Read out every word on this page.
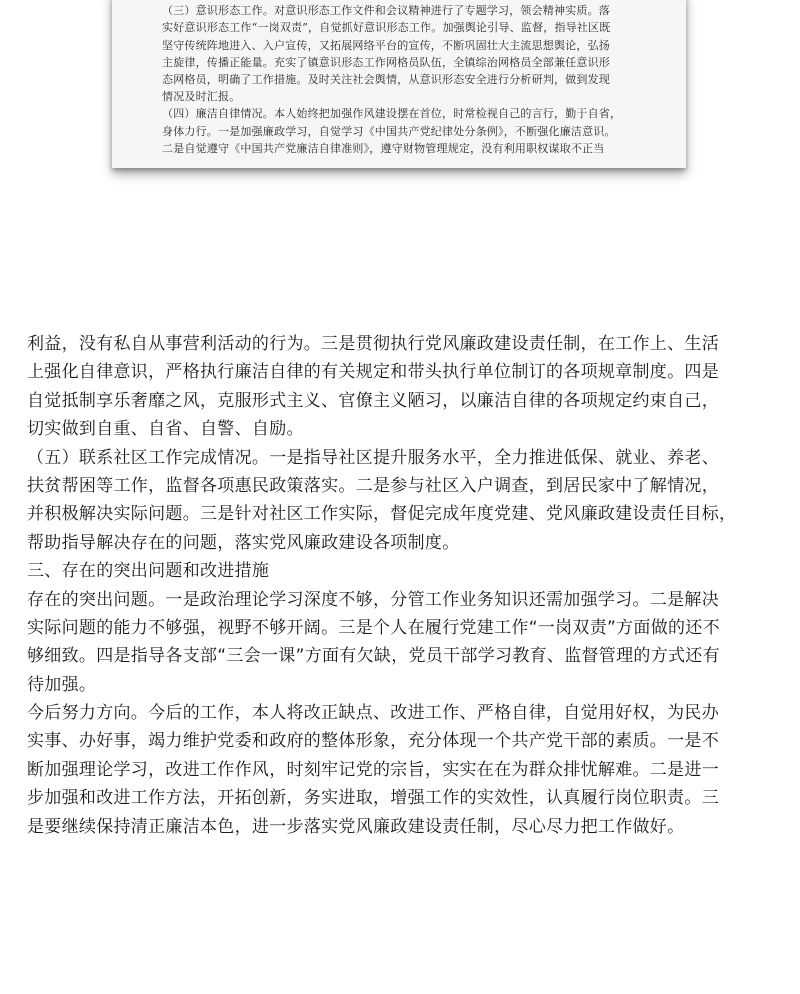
（三）意识形态工作。对意识形态工作文件和会议精神进行了专题学习，领会精神实质。落
实好意识形态工作“一岗双责”，自觉抓好意识形态工作。加强舆论引导、监督，指导社区既
坚守传统阵地进入、入户宣传，又拓展网络平台的宣传，不断巩固壮大主流思想舆论，弘扬
主旋律，传播正能量。充实了镇意识形态工作网格员队伍，全镇综治网格员全部兼任意识形
态网格员，明确了工作措施。及时关注社会舆情，从意识形态安全进行分析研判，做到发现
情况及时汇报。
（四）廉洁自律情况。本人始终把加强作风建设摆在首位，时常检视自己的言行，勤于自省，
身体力行。一是加强廉政学习，自觉学习《中国共产党纪律处分条例》，不断强化廉洁意识。
二是自觉遵守《中国共产党廉洁自律准则》，遵守财物管理规定，没有利用职权谋取不正当
利益，没有私自从事营利活动的行为。三是贯彻执行党风廉政建设责任制，在工作上、生活
上强化自律意识，严格执行廉洁自律的有关规定和带头执行单位制订的各项规章制度。四是
自觉抵制享乐奢靡之风，克服形式主义、官僚主义陋习，以廉洁自律的各项规定约束自己，
切实做到自重、自省、自警、自励。
（五）联系社区工作完成情况。一是指导社区提升服务水平，全力推进低保、就业、养老、
扶贫帮困等工作，监督各项惠民政策落实。二是参与社区入户调查，到居民家中了解情况，
并积极解决实际问题。三是针对社区工作实际，督促完成年度党建、党风廉政建设责任目标，
帮助指导解决存在的问题，落实党风廉政建设各项制度。
三、存在的突出问题和改进措施
存在的突出问题。一是政治理论学习深度不够，分管工作业务知识还需加强学习。二是解决
实际问题的能力不够强，视野不够开阔。三是个人在履行党建工作“一岗双责”方面做的还不
够细致。四是指导各支部“三会一课”方面有欠缺，党员干部学习教育、监督管理的方式还有
待加强。
今后努力方向。今后的工作，本人将改正缺点、改进工作、严格自律，自觉用好权，为民办
实事、办好事，竭力维护党委和政府的整体形象，充分体现一个共产党干部的素质。一是不
断加强理论学习，改进工作作风，时刻牢记党的宗旨，实实在在为群众排忧解难。二是进一
步加强和改进工作方法，开拓创新，务实进取，增强工作的实效性，认真履行岗位职责。三
是要继续保持清正廉洁本色，进一步落实党风廉政建设责任制，尽心尽力把工作做好。
